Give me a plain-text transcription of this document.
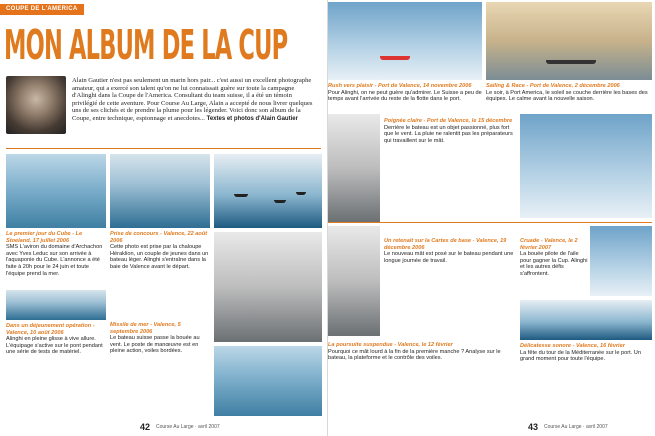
COUPE DE L'AMERICA
MON ALBUM DE LA CUP
Alain Gautier n'est pas seulement un marin hors pair... c'est aussi un excellent photographe amateur, qui a exercé son talent qu'on ne lui connaissait guère sur toute la campagne d'Alinghi dans la Coupe de l'America. Consultant du team suisse, il a été un témoin privilégié de cette aventure. Pour Course Au Large, Alain a accepté de nous livrer quelques uns de ses clichés et de prendre la plume pour les légender. Voici donc son album de la Coupe, entre technique, espionnage et anecdotes... Textes et photos d'Alain Gautier
Le premier jour du Cube - Le Stoeland, 17 juillet 2006
SMS L'aviron du domaine d'Archachon avec Yves Leduc sur son arrivée à l'aquaponie du Cube. L'annonce a été faite à 20h pour le 24 juin et toute l'équipe prend la mer.
Prise de concours - Valence, 22 août 2006
Cette photo est prise par la chaloupe Héraklion, un couple de jeunes dans un bateau léger. Alinghi s'entraîne dans la baie de Valence avant le départ.
Dans un déjeunement opération - Valence, 10 août 2006
Alinghi en pleine glisse à vive allure. L'équipage s'active sur le pont pendant une série de tests de matériel.
Missile de mer - Valence, 5 septembre 2006
Le bateau suisse passe la bouée au vent. Le poste de manœuvre est en pleine action, voiles bordées.
42 Course Au Large · avril 2007
Rush vers plaisir - Port de Valence, 14 novembre 2006
Pour Alinghi, on ne peut guère qu'admirer. Le Suisse a peu de temps avant l'arrivée du reste de la flotte dans le port.
Sailing & Race - Port de Valence, 2 décembre 2006
Le soir, à Port America, le soleil se couche derrière les bases des équipes. Le calme avant la nouvelle saison.
Poignée claire - Port de Valence, le 15 décembre
Derrière le bateau est un objet passionné, plus fort que le vent. La pluie ne ralentit pas les préparateurs qui travaillent sur le mât.
Un retenait sur la Cartes de base - Valence, 19 décembre 2006
Le nouveau mât est posé sur le bateau pendant une longue journée de travail.
Cruade - Valence, le 2 février 2007
La bouée pilote de l'aile pour gagner la Cup. Alinghi et les autres défis s'affrontent.
La poursuite suspendue - Valence, le 12 février
Pourquoi ce mât lourd à la fin de la première manche ? Analyse sur le bateau, la plateforme et le contrôle des voiles.
Délicatesse sonore - Valence, 16 février
La fête du tour de la Méditerranée sur le port. Un grand moment pour toute l'équipe.
43 Course Au Large · avril 2007
